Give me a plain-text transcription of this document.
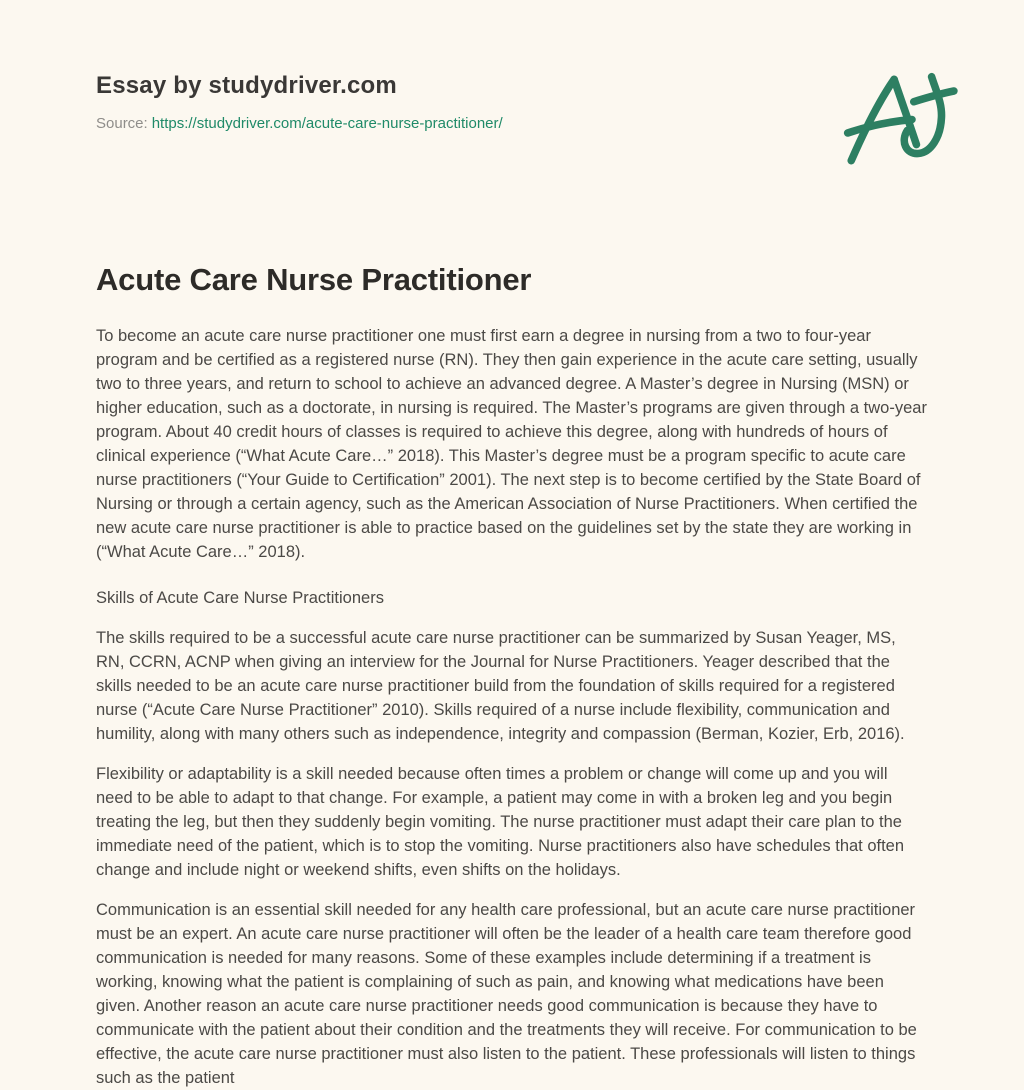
Essay by studydriver.com
Source: https://studydriver.com/acute-care-nurse-practitioner/
Acute Care Nurse Practitioner

To become an acute care nurse practitioner one must first earn a degree in nursing from a two to four-year program and be certified as a registered nurse (RN). They then gain experience in the acute care setting, usually two to three years, and return to school to achieve an advanced degree. A Master’s degree in Nursing (MSN) or higher education, such as a doctorate, in nursing is required. The Master’s programs are given through a two-year program. About 40 credit hours of classes is required to achieve this degree, along with hundreds of hours of clinical experience (“What Acute Care…” 2018). This Master’s degree must be a program specific to acute care nurse practitioners (“Your Guide to Certification” 2001). The next step is to become certified by the State Board of Nursing or through a certain agency, such as the American Association of Nurse Practitioners. When certified the new acute care nurse practitioner is able to practice based on the guidelines set by the state they are working in (“What Acute Care…” 2018).

Skills of Acute Care Nurse Practitioners

The skills required to be a successful acute care nurse practitioner can be summarized by Susan Yeager, MS, RN, CCRN, ACNP when giving an interview for the Journal for Nurse Practitioners. Yeager described that the skills needed to be an acute care nurse practitioner build from the foundation of skills required for a registered nurse (“Acute Care Nurse Practitioner” 2010). Skills required of a nurse include flexibility, communication and humility, along with many others such as independence, integrity and compassion (Berman, Kozier, Erb, 2016).

Flexibility or adaptability is a skill needed because often times a problem or change will come up and you will need to be able to adapt to that change. For example, a patient may come in with a broken leg and you begin treating the leg, but then they suddenly begin vomiting. The nurse practitioner must adapt their care plan to the immediate need of the patient, which is to stop the vomiting. Nurse practitioners also have schedules that often change and include night or weekend shifts, even shifts on the holidays.

Communication is an essential skill needed for any health care professional, but an acute care nurse practitioner must be an expert. An acute care nurse practitioner will often be the leader of a health care team therefore good communication is needed for many reasons. Some of these examples include determining if a treatment is working, knowing what the patient is complaining of such as pain, and knowing what medications have been given. Another reason an acute care nurse practitioner needs good communication is because they have to communicate with the patient about their condition and the treatments they will receive. For communication to be effective, the acute care nurse practitioner must also listen to the patient. These professionals will listen to things such as the patient
